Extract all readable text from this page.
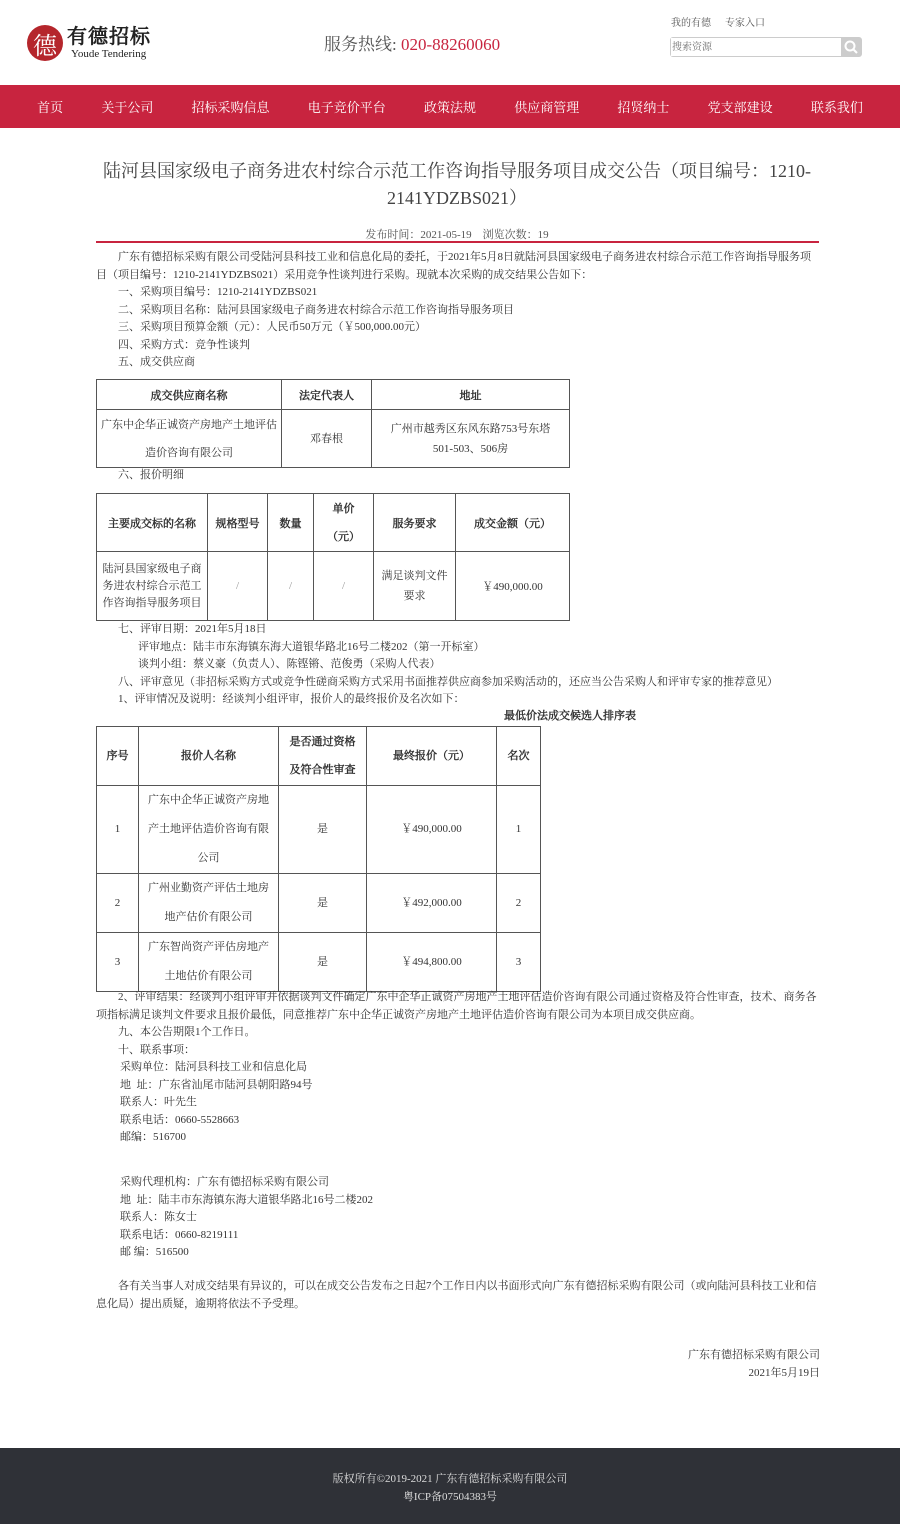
德 有德招标
Youde Tendering	服务热线: 020-88260060
我的有德 专家入口
搜索资源
首页	关于公司	招标采购信息	电子竞价平台	政策法规	供应商管理	招贤纳士	党支部建设	联系我们
陆河县国家级电子商务进农村综合示范工作咨询指导服务项目成交公告（项目编号：1210-2141YDZBS021）
发布时间：2021-05-19　浏览次数：19
广东有德招标采购有限公司受陆河县科技工业和信息化局的委托，于2021年5月8日就陆河县国家级电子商务进农村综合示范工作咨询指导服务项目（项目编号：1210-2141YDZBS021）采用竞争性谈判进行采购。现就本次采购的成交结果公告如下：
一、采购项目编号：1210-2141YDZBS021
二、采购项目名称：陆河县国家级电子商务进农村综合示范工作咨询指导服务项目
三、采购项目预算金额（元）：人民币50万元（￥500,000.00元）
四、采购方式：竞争性谈判
五、成交供应商
成交供应商名称	法定代表人	地址
广东中企华正诚资产房地产土地评估造价咨询有限公司	邓春根	广州市越秀区东风东路753号东塔501-503、506房
六、报价明细
主要成交标的名称	规格型号	数量	单价（元）	服务要求	成交金额（元）
陆河县国家级电子商务进农村综合示范工作咨询指导服务项目	/	/	/	满足谈判文件要求	￥490,000.00
七、评审日期：2021年5月18日
评审地点：陆丰市东海镇东海大道银华路北16号二楼202（第一开标室）
谈判小组：蔡义豪（负责人）、陈铿锵、范俊勇（采购人代表）
八、评审意见（非招标采购方式或竞争性磋商采购方式采用书面推荐供应商参加采购活动的，还应当公告采购人和评审专家的推荐意见）
1、评审情况及说明：经谈判小组评审，报价人的最终报价及名次如下：
最低价法成交候选人排序表
序号	报价人名称	是否通过资格及符合性审查	最终报价（元）	名次
1	广东中企华正诚资产房地产土地评估造价咨询有限公司	是	￥490,000.00	1
2	广州业勤资产评估土地房地产估价有限公司	是	￥492,000.00	2
3	广东智尚资产评估房地产土地估价有限公司	是	￥494,800.00	3
2、评审结果：经谈判小组评审并依据谈判文件确定广东中企华正诚资产房地产土地评估造价咨询有限公司通过资格及符合性审查，技术、商务各项指标满足谈判文件要求且报价最低，同意推荐广东中企华正诚资产房地产土地评估造价咨询有限公司为本项目成交供应商。
九、本公告期限1个工作日。
十、联系事项：
采购单位：陆河县科技工业和信息化局
地  址：广东省汕尾市陆河县朝阳路94号
联系人：叶先生
联系电话：0660-5528663
邮编：516700
采购代理机构：广东有德招标采购有限公司
地  址：陆丰市东海镇东海大道银华路北16号二楼202
联系人：陈女士
联系电话：0660-8219111
邮 编：516500
各有关当事人对成交结果有异议的，可以在成交公告发布之日起7个工作日内以书面形式向广东有德招标采购有限公司（或向陆河县科技工业和信息化局）提出质疑，逾期将依法不予受理。
广东有德招标采购有限公司
2021年5月19日
版权所有©2019-2021 广东有德招标采购有限公司
粤ICP备07504383号
